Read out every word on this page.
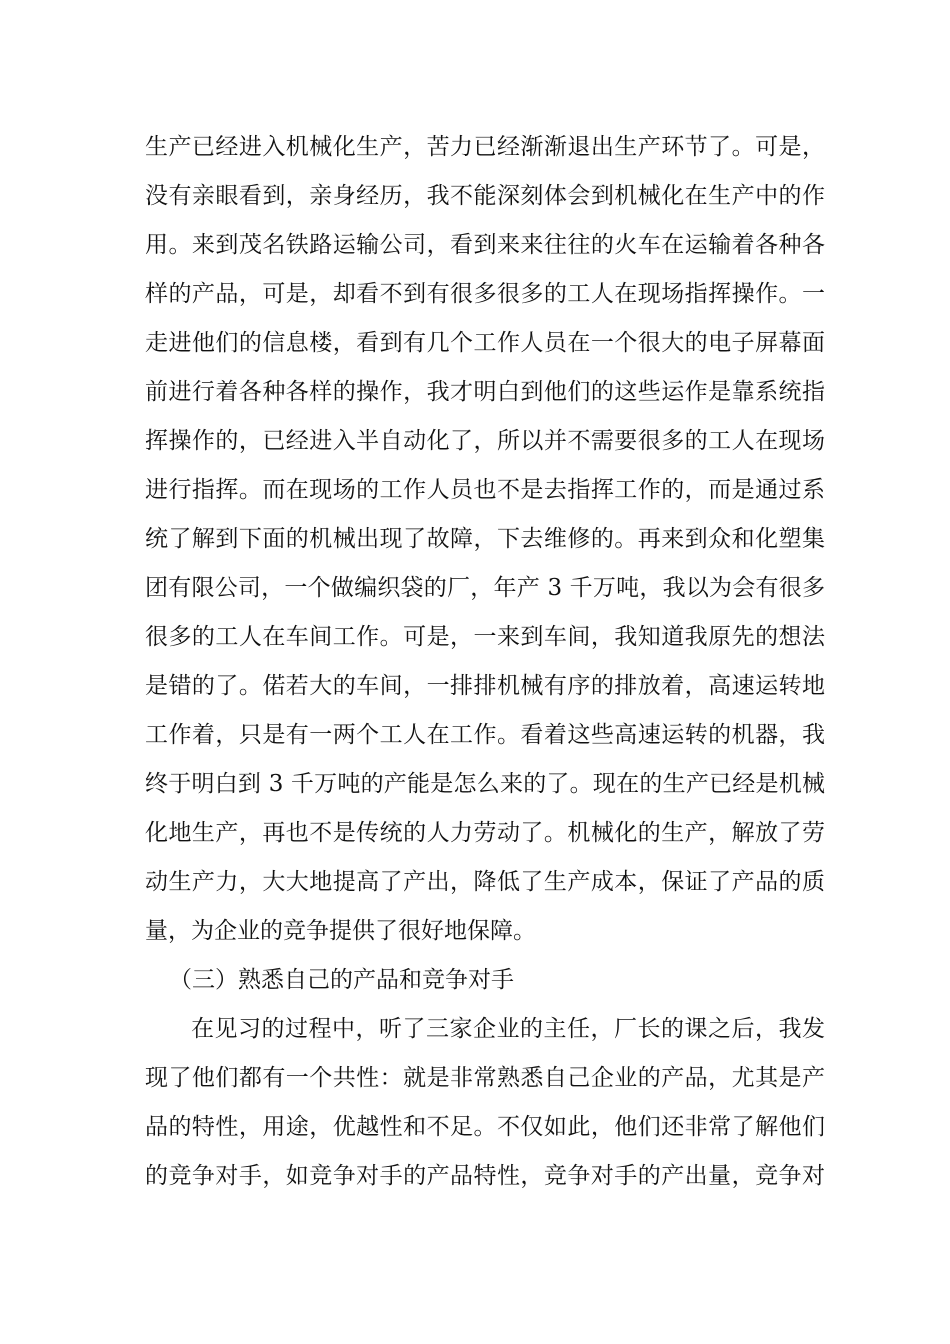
生产已经进入机械化生产，苦力已经渐渐退出生产环节了。可是，
没有亲眼看到，亲身经历，我不能深刻体会到机械化在生产中的作
用。来到茂名铁路运输公司，看到来来往往的火车在运输着各种各
样的产品，可是，却看不到有很多很多的工人在现场指挥操作。一
走进他们的信息楼，看到有几个工作人员在一个很大的电子屏幕面
前进行着各种各样的操作，我才明白到他们的这些运作是靠系统指
挥操作的，已经进入半自动化了，所以并不需要很多的工人在现场
进行指挥。而在现场的工作人员也不是去指挥工作的，而是通过系
统了解到下面的机械出现了故障，下去维修的。再来到众和化塑集
团有限公司，一个做编织袋的厂，年产 3 千万吨，我以为会有很多
很多的工人在车间工作。可是，一来到车间，我知道我原先的想法
是错的了。偌若大的车间，一排排机械有序的排放着，高速运转地
工作着，只是有一两个工人在工作。看着这些高速运转的机器，我
终于明白到 3 千万吨的产能是怎么来的了。现在的生产已经是机械
化地生产，再也不是传统的人力劳动了。机械化的生产，解放了劳
动生产力，大大地提高了产出，降低了生产成本，保证了产品的质
量，为企业的竞争提供了很好地保障。
（三）熟悉自己的产品和竞争对手
在见习的过程中，听了三家企业的主任，厂长的课之后，我发
现了他们都有一个共性：就是非常熟悉自己企业的产品，尤其是产
品的特性，用途，优越性和不足。不仅如此，他们还非常了解他们
的竞争对手，如竞争对手的产品特性，竞争对手的产出量，竞争对
